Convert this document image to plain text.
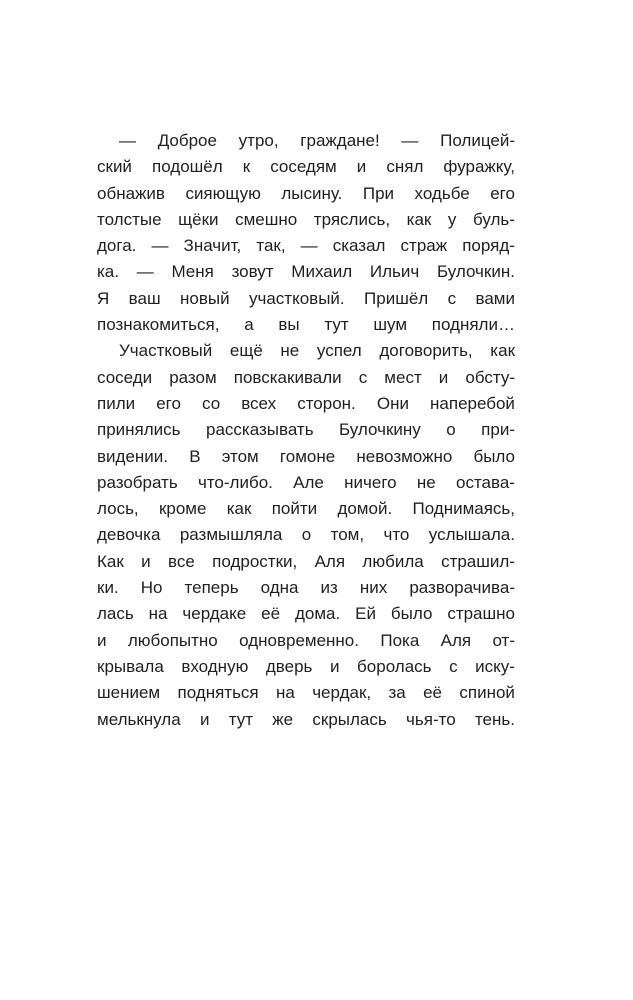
— Доброе утро, граждане! — Полицей-
ский подошёл к соседям и снял фуражку,
обнажив сияющую лысину. При ходьбе его
толстые щёки смешно тряслись, как у буль-
дога. — Значит, так, — сказал страж поряд-
ка. — Меня зовут Михаил Ильич Булочкин.
Я ваш новый участковый. Пришёл с вами
познакомиться, а вы тут шум подняли…
Участковый ещё не успел договорить, как
соседи разом повскакивали с мест и обсту-
пили его со всех сторон. Они наперебой
принялись рассказывать Булочкину о при-
видении. В этом гомоне невозможно было
разобрать что-либо. Але ничего не остава-
лось, кроме как пойти домой. Поднимаясь,
девочка размышляла о том, что услышала.
Как и все подростки, Аля любила страшил-
ки. Но теперь одна из них разворачива-
лась на чердаке её дома. Ей было страшно
и любопытно одновременно. Пока Аля от-
крывала входную дверь и боролась с иску-
шением подняться на чердак, за её спиной
мелькнула и тут же скрылась чья-то тень.
